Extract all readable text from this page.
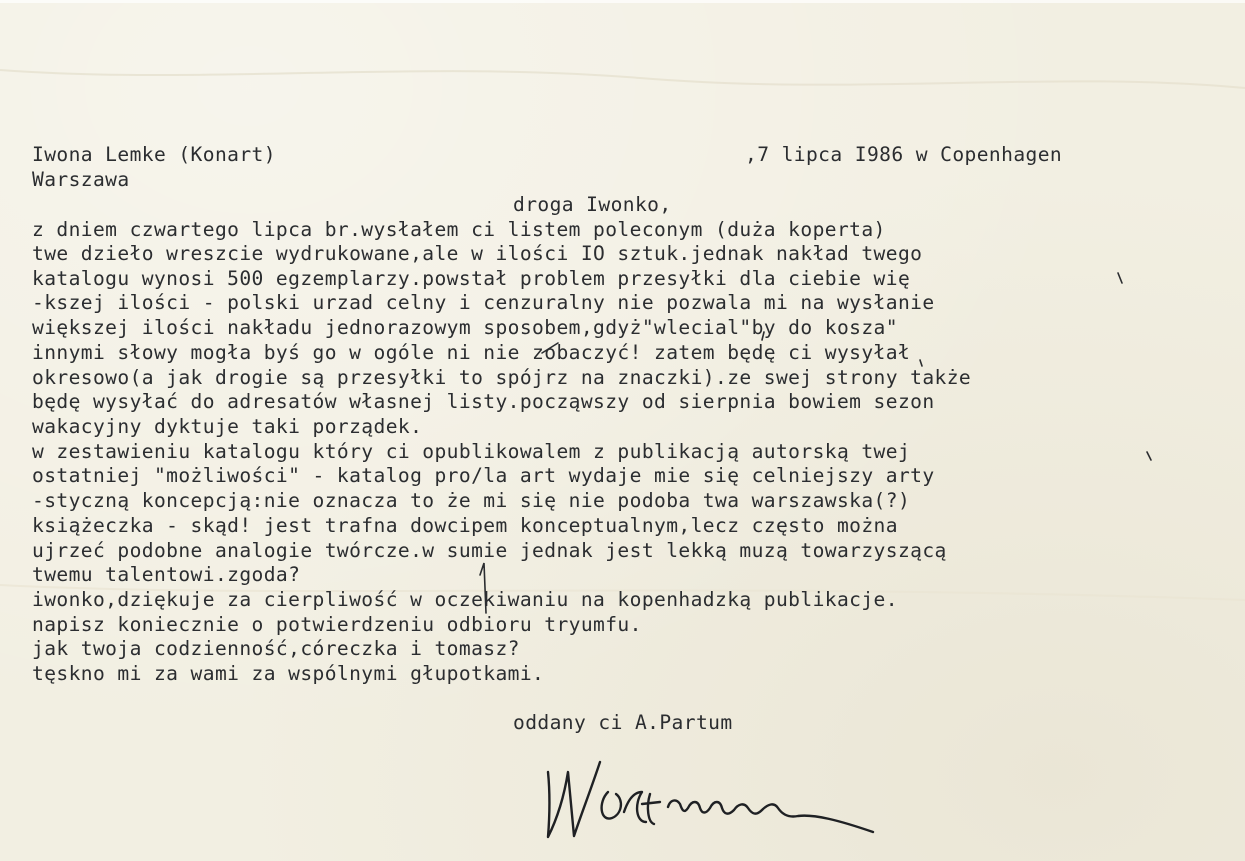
Iwona Lemke (Konart)	,7 lipca I986 w Copenhagen
Warszawa
droga Iwonko,
z dniem czwartego lipca br.wysłałem ci listem poleconym (duża koperta)
twe dzieło wreszcie wydrukowane,ale w ilości IO sztuk.jednak nakład twego
katalogu wynosi 500 egzemplarzy.powstał problem przesyłki dla ciebie wię
-kszej ilości - polski urzad celny i cenzuralny nie pozwala mi na wysłanie
większej ilości nakładu jednorazowym sposobem,gdyż"wlecial"by do kosza"
innymi słowy mogła byś go w ogóle ni nie zobaczyć! zatem będę ci wysyłał
okresowo(a jak drogie są przesyłki to spójrz na znaczki).ze swej strony także
będę wysyłać do adresatów własnej listy.począwszy od sierpnia bowiem sezon
wakacyjny dyktuje taki porządek.
w zestawieniu katalogu który ci opublikowalem z publikacją autorską twej
ostatniej "możliwości" - katalog pro/la art wydaje mie się celniejszy arty
-styczną koncepcją:nie oznacza to że mi się nie podoba twa warszawska(?)
książeczka - skąd! jest trafna dowcipem konceptualnym,lecz często można
ujrzeć podobne analogie twórcze.w sumie jednak jest lekką muzą towarzyszącą
twemu talentowi.zgoda?
iwonko,dziękuje za cierpliwość w oczekiwaniu na kopenhadzką publikacje.
napisz koniecznie o potwierdzeniu odbioru tryumfu.
jak twoja codzienność,córeczka i tomasz?
tęskno mi za wami za wspólnymi głupotkami.
oddany ci A.Partum
